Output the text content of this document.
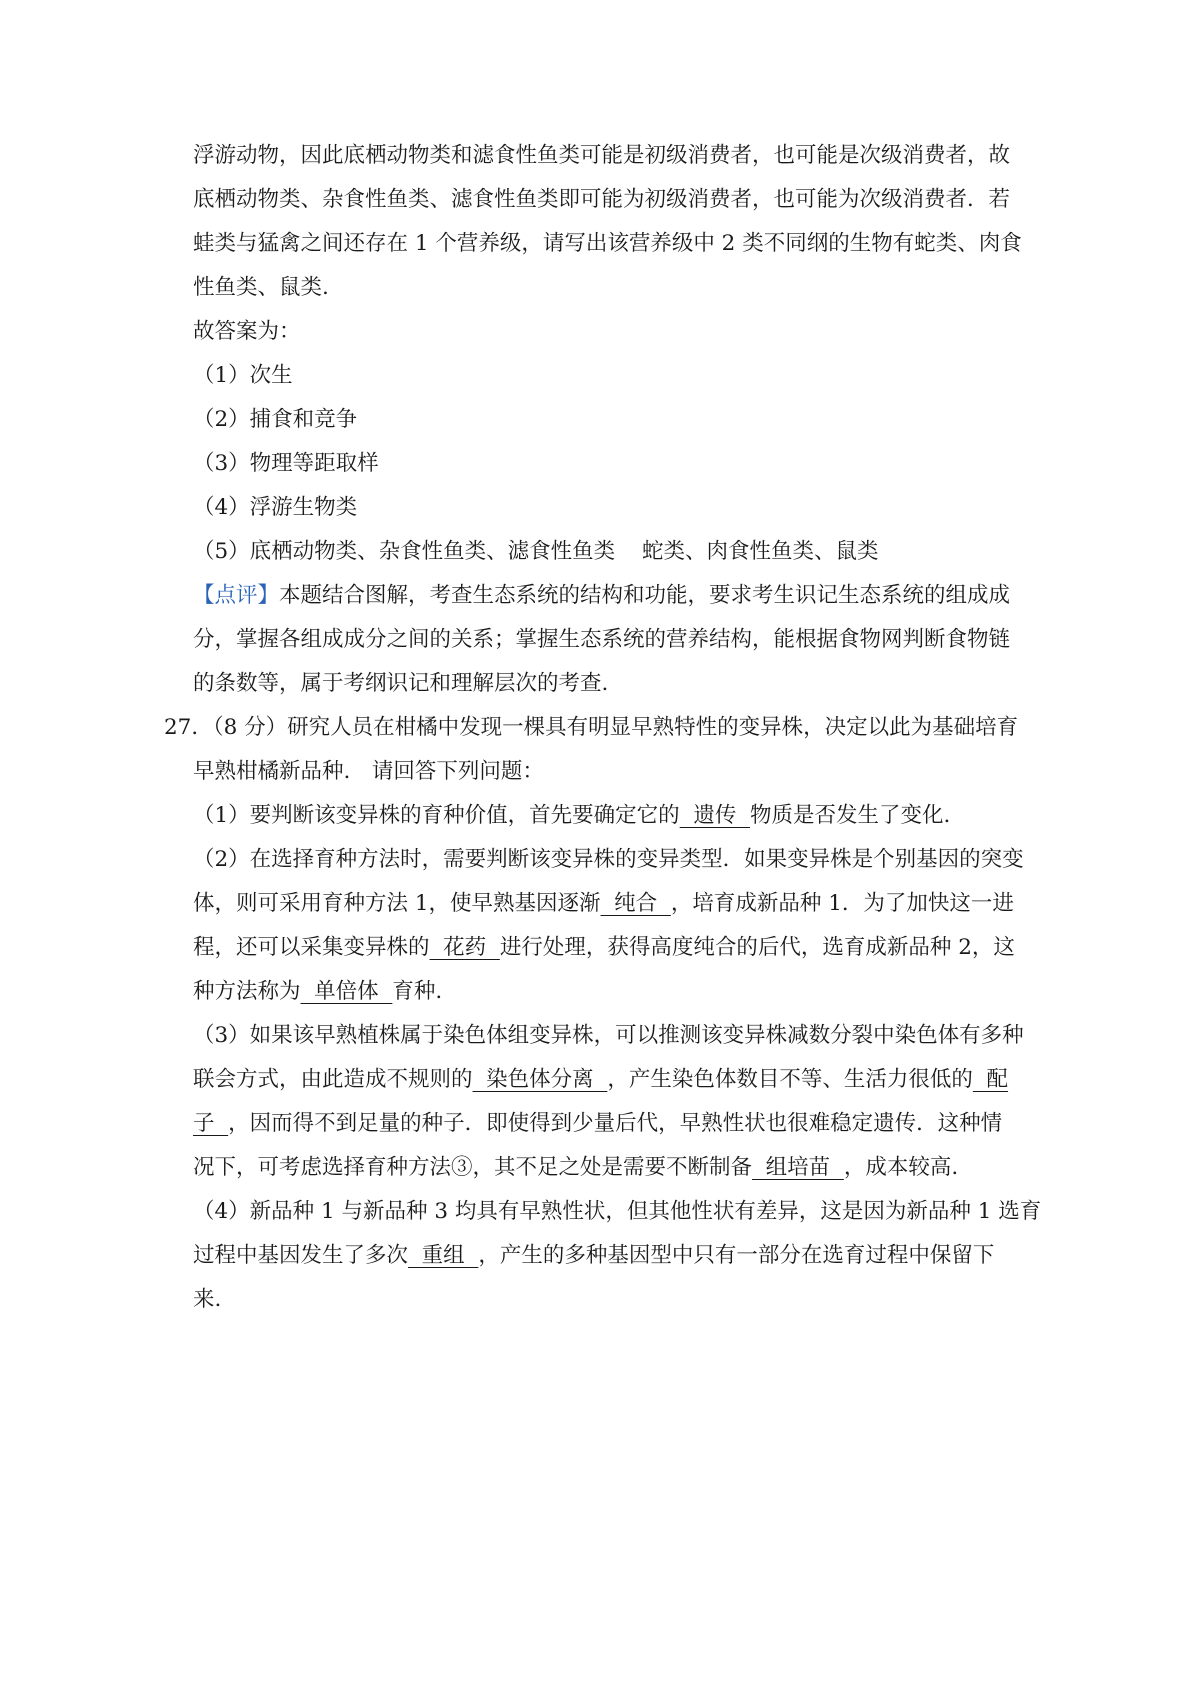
浮游动物，因此底栖动物类和滤食性鱼类可能是初级消费者，也可能是次级消费者，故
底栖动物类、杂食性鱼类、滤食性鱼类即可能为初级消费者，也可能为次级消费者．若
蛙类与猛禽之间还存在 1 个营养级，请写出该营养级中 2 类不同纲的生物有蛇类、肉食
性鱼类、鼠类.
故答案为：
（1）次生
（2）捕食和竞争
（3）物理等距取样
（4）浮游生物类
（5）底栖动物类、杂食性鱼类、滤食性鱼类 蛇类、肉食性鱼类、鼠类
【点评】本题结合图解，考查生态系统的结构和功能，要求考生识记生态系统的组成成
分，掌握各组成成分之间的关系；掌握生态系统的营养结构，能根据食物网判断食物链
的条数等，属于考纲识记和理解层次的考查.
27．（8 分）研究人员在柑橘中发现一棵具有明显早熟特性的变异株，决定以此为基础培育
早熟柑橘新品种.　请回答下列问题：
（1）要判断该变异株的育种价值，首先要确定它的  遗传  物质是否发生了变化.
（2）在选择育种方法时，需要判断该变异株的变异类型．如果变异株是个别基因的突变
体，则可采用育种方法 1，使早熟基因逐渐  纯合  ，培育成新品种 1．为了加快这一进
程，还可以采集变异株的  花药  进行处理，获得高度纯合的后代，选育成新品种 2，这
种方法称为  单倍体  育种.
（3）如果该早熟植株属于染色体组变异株，可以推测该变异株减数分裂中染色体有多种
联会方式，由此造成不规则的  染色体分离  ，产生染色体数目不等、生活力很低的  配
子  ，因而得不到足量的种子．即使得到少量后代，早熟性状也很难稳定遗传．这种情
况下，可考虑选择育种方法③，其不足之处是需要不断制备  组培苗  ，成本较高.
（4）新品种 1 与新品种 3 均具有早熟性状，但其他性状有差异，这是因为新品种 1 选育
过程中基因发生了多次  重组  ，产生的多种基因型中只有一部分在选育过程中保留下
来.
